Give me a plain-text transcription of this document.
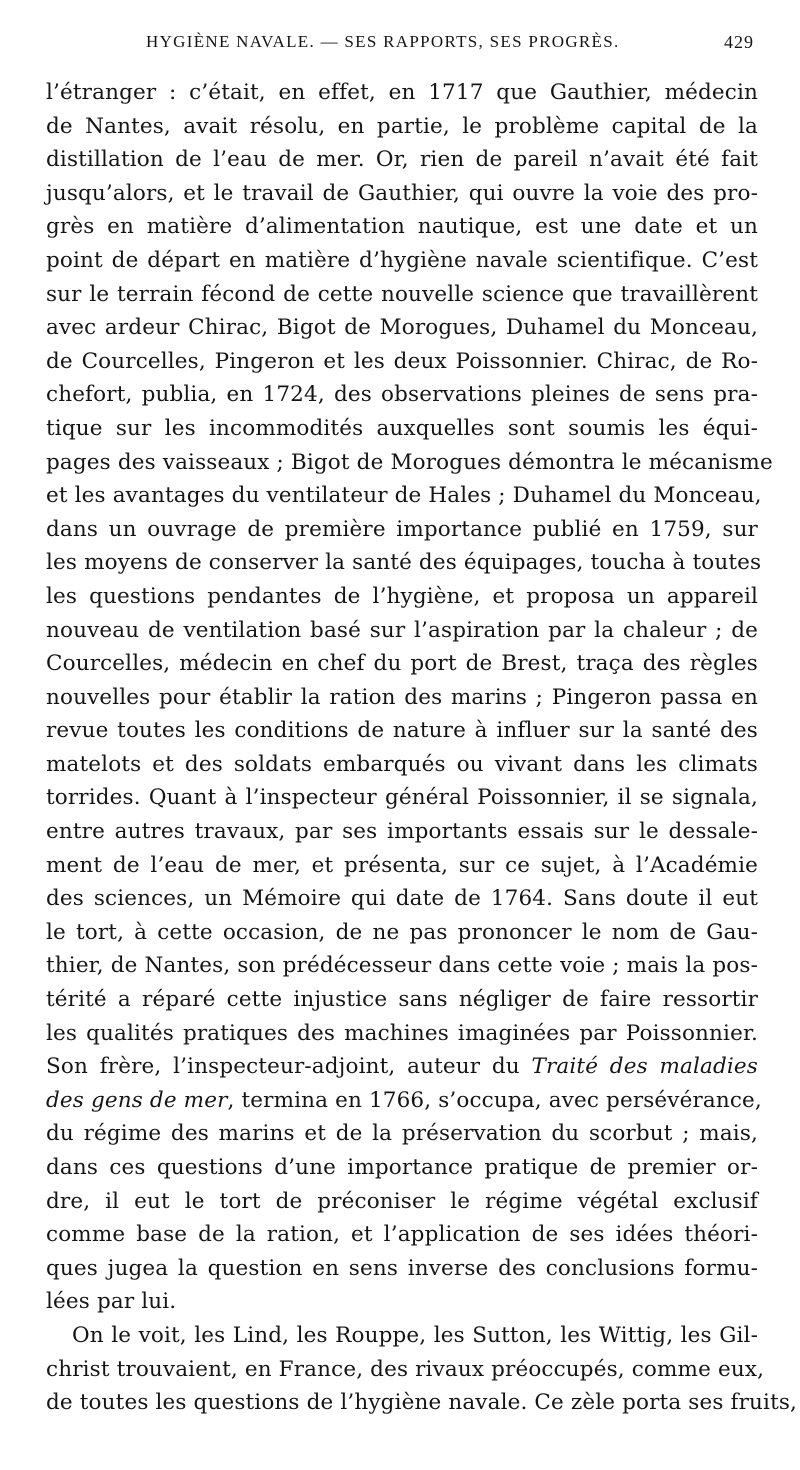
HYGIÈNE NAVALE. — SES RAPPORTS, SES PROGRÈS.	429
l’étranger : c’était, en effet, en 1717 que Gauthier, médecin
de Nantes, avait résolu, en partie, le problème capital de la
distillation de l’eau de mer. Or, rien de pareil n’avait été fait
jusqu’alors, et le travail de Gauthier, qui ouvre la voie des pro-
grès en matière d’alimentation nautique, est une date et un
point de départ en matière d’hygiène navale scientifique. C’est
sur le terrain fécond de cette nouvelle science que travaillèrent
avec ardeur Chirac, Bigot de Morogues, Duhamel du Monceau,
de Courcelles, Pingeron et les deux Poissonnier. Chirac, de Ro-
chefort, publia, en 1724, des observations pleines de sens pra-
tique sur les incommodités auxquelles sont soumis les équi-
pages des vaisseaux ; Bigot de Morogues démontra le mécanisme
et les avantages du ventilateur de Hales ; Duhamel du Monceau,
dans un ouvrage de première importance publié en 1759, sur
les moyens de conserver la santé des équipages, toucha à toutes
les questions pendantes de l’hygiène, et proposa un appareil
nouveau de ventilation basé sur l’aspiration par la chaleur ; de
Courcelles, médecin en chef du port de Brest, traça des règles
nouvelles pour établir la ration des marins ; Pingeron passa en
revue toutes les conditions de nature à influer sur la santé des
matelots et des soldats embarqués ou vivant dans les climats
torrides. Quant à l’inspecteur général Poissonnier, il se signala,
entre autres travaux, par ses importants essais sur le dessale-
ment de l’eau de mer, et présenta, sur ce sujet, à l’Académie
des sciences, un Mémoire qui date de 1764. Sans doute il eut
le tort, à cette occasion, de ne pas prononcer le nom de Gau-
thier, de Nantes, son prédécesseur dans cette voie ; mais la pos-
térité a réparé cette injustice sans négliger de faire ressortir
les qualités pratiques des machines imaginées par Poissonnier.
Son frère, l’inspecteur-adjoint, auteur du Traité des maladies
des gens de mer, termina en 1766, s’occupa, avec persévérance,
du régime des marins et de la préservation du scorbut ; mais,
dans ces questions d’une importance pratique de premier or-
dre, il eut le tort de préconiser le régime végétal exclusif
comme base de la ration, et l’application de ses idées théori-
ques jugea la question en sens inverse des conclusions formu-
lées par lui.
On le voit, les Lind, les Rouppe, les Sutton, les Wittig, les Gil-
christ trouvaient, en France, des rivaux préoccupés, comme eux,
de toutes les questions de l’hygiène navale. Ce zèle porta ses fruits,
